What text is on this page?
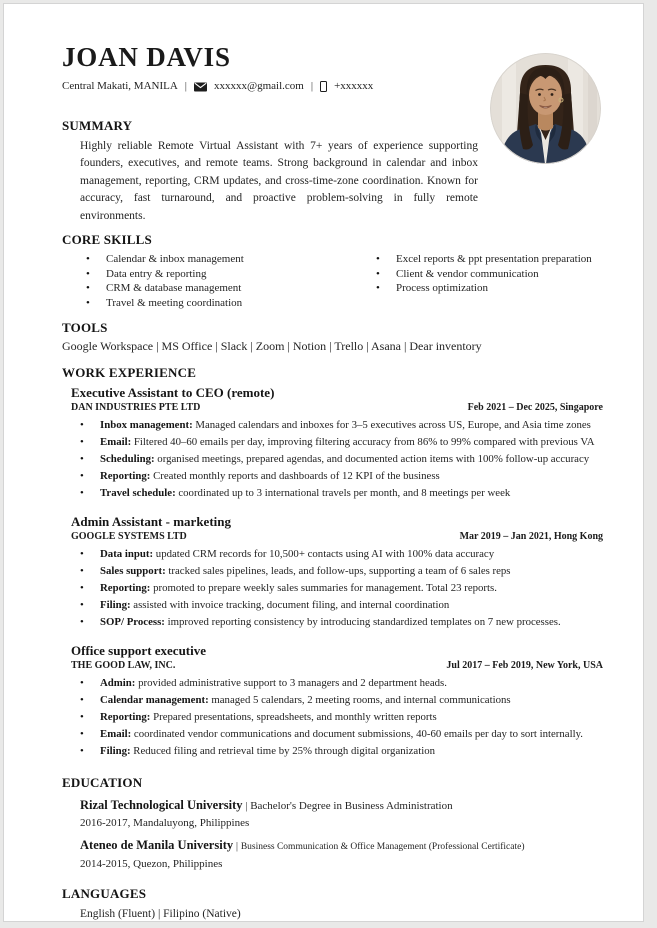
JOAN DAVIS
Central Makati, MANILA | xxxxxx@gmail.com | +xxxxxx
SUMMARY

Highly reliable Remote Virtual Assistant with 7+ years of experience supporting founders, executives, and remote teams. Strong background in calendar and inbox management, reporting, CRM updates, and cross-time-zone coordination. Known for accuracy, fast turnaround, and proactive problem-solving in fully remote environments.

CORE SKILLS
• Calendar & inbox management
• Data entry & reporting
• CRM & database management
• Travel & meeting coordination
• Excel reports & ppt presentation preparation
• Client & vendor communication
• Process optimization
TOOLS
Google Workspace | MS Office | Slack | Zoom | Notion | Trello | Asana | Dear inventory
WORK EXPERIENCE
Executive Assistant to CEO (remote)
DAN INDUSTRIES PTE LTD	Feb 2021 – Dec 2025, Singapore
• Inbox management: Managed calendars and inboxes for 3–5 executives across US, Europe, and Asia time zones
• Email: Filtered 40–60 emails per day, improving filtering accuracy from 86% to 99% compared with previous VA
• Scheduling: organised meetings, prepared agendas, and documented action items with 100% follow-up accuracy
• Reporting: Created monthly reports and dashboards of 12 KPI of the business
• Travel schedule: coordinated up to 3 international travels per month, and 8 meetings per week
Admin Assistant - marketing
GOOGLE SYSTEMS LTD	Mar 2019 – Jan 2021, Hong Kong
• Data input: updated CRM records for 10,500+ contacts using AI with 100% data accuracy
• Sales support: tracked sales pipelines, leads, and follow-ups, supporting a team of 6 sales reps
• Reporting: promoted to prepare weekly sales summaries for management. Total 23 reports.
• Filing: assisted with invoice tracking, document filing, and internal coordination
• SOP/ Process: improved reporting consistency by introducing standardized templates on 7 new processes.
Office support executive
THE GOOD LAW, INC.	Jul 2017 – Feb 2019, New York, USA
• Admin: provided administrative support to 3 managers and 2 department heads.
• Calendar management: managed 5 calendars, 2 meeting rooms, and internal communications
• Reporting: Prepared presentations, spreadsheets, and monthly written reports
• Email: coordinated vendor communications and document submissions, 40-60 emails per day to sort internally.
• Filing: Reduced filing and retrieval time by 25% through digital organization
EDUCATION
Rizal Technological University | Bachelor's Degree in Business Administration
2016-2017, Mandaluyong, Philippines
Ateneo de Manila University | Business Communication & Office Management (Professional Certificate)
2014-2015, Quezon, Philippines
LANGUAGES
English (Fluent) | Filipino (Native)
